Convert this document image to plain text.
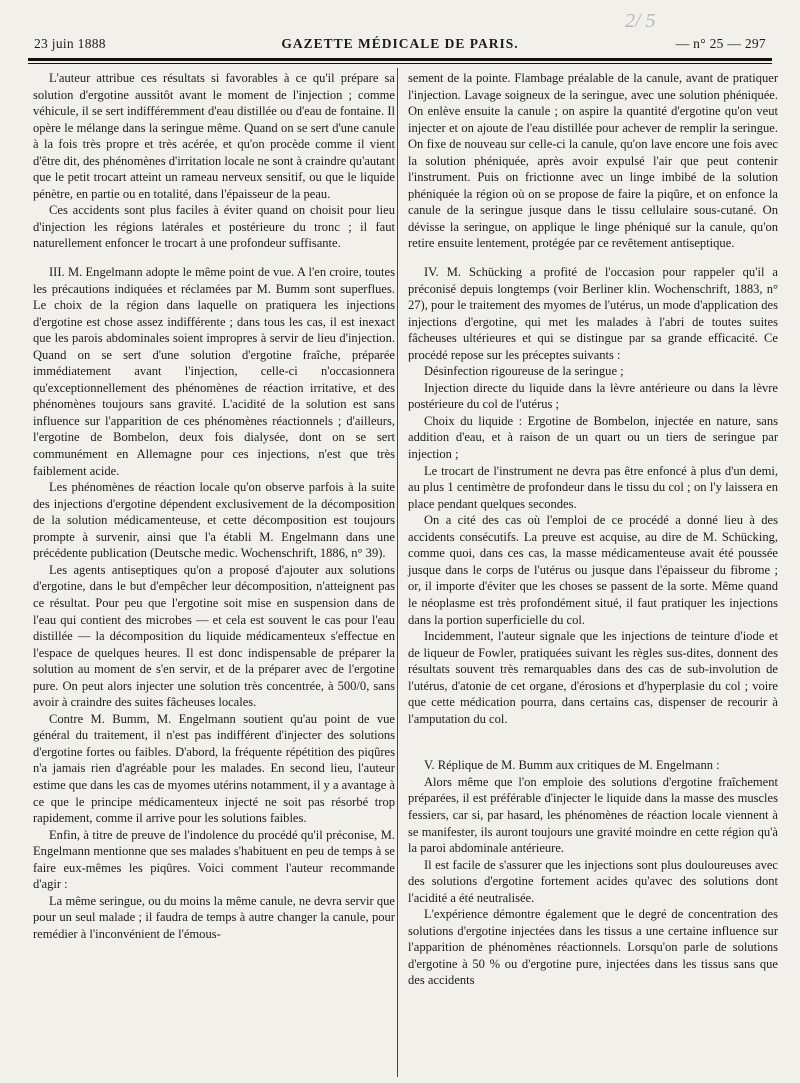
2/ 5
23 juin 1888	GAZETTE MÉDICALE DE PARIS.	— n° 25 — 297

L'auteur attribue ces résultats si favorables à ce qu'il prépare sa solution d'ergotine aussitôt avant le moment de l'injection ; comme véhicule, il se sert indifféremment d'eau distillée ou d'eau de fontaine. Il opère le mélange dans la seringue même. Quand on se sert d'une canule à la fois très propre et très acérée, et qu'on procède comme il vient d'être dit, des phénomènes d'irritation locale ne sont à craindre qu'autant que le petit trocart atteint un rameau nerveux sensitif, ou que le liquide pénètre, en partie ou en totalité, dans l'épaisseur de la peau.

Ces accidents sont plus faciles à éviter quand on choisit pour lieu d'injection les régions latérales et postérieure du tronc ; il faut naturellement enfoncer le trocart à une profondeur suffisante.

III. M. Engelmann adopte le même point de vue. A l'en croire, toutes les précautions indiquées et réclamées par M. Bumm sont superflues. Le choix de la région dans laquelle on pratiquera les injections d'ergotine est chose assez indifférente ; dans tous les cas, il est inexact que les parois abdominales soient impropres à servir de lieu d'injection. Quand on se sert d'une solution d'ergotine fraîche, préparée immédiatement avant l'injection, celle-ci n'occasionnera qu'exceptionnellement des phénomènes de réaction irritative, et des phénomènes toujours sans gravité. L'acidité de la solution est sans influence sur l'apparition de ces phénomènes réactionnels ; d'ailleurs, l'ergotine de Bombelon, deux fois dialysée, dont on se sert communément en Allemagne pour ces injections, n'est que très faiblement acide.

Les phénomènes de réaction locale qu'on observe parfois à la suite des injections d'ergotine dépendent exclusivement de la décomposition de la solution médicamenteuse, et cette décomposition est toujours prompte à survenir, ainsi que l'a établi M. Engelmann dans une précédente publication (Deutsche medic. Wochenschrift, 1886, n° 39).

Les agents antiseptiques qu'on a proposé d'ajouter aux solutions d'ergotine, dans le but d'empêcher leur décomposition, n'atteignent pas ce résultat. Pour peu que l'ergotine soit mise en suspension dans de l'eau qui contient des microbes — et cela est souvent le cas pour l'eau distillée — la décomposition du liquide médicamenteux s'effectue en l'espace de quelques heures. Il est donc indispensable de préparer la solution au moment de s'en servir, et de la préparer avec de l'ergotine pure. On peut alors injecter une solution très concentrée, à 500/0, sans avoir à craindre des suites fâcheuses locales.

Contre M. Bumm, M. Engelmann soutient qu'au point de vue général du traitement, il n'est pas indifférent d'injecter des solutions d'ergotine fortes ou faibles. D'abord, la fréquente répétition des piqûres n'a jamais rien d'agréable pour les malades. En second lieu, l'auteur estime que dans les cas de myomes utérins notamment, il y a avantage à ce que le principe médicamenteux injecté ne soit pas résorbé trop rapidement, comme il arrive pour les solutions faibles.

Enfin, à titre de preuve de l'indolence du procédé qu'il préconise, M. Engelmann mentionne que ses malades s'habituent en peu de temps à se faire eux-mêmes les piqûres. Voici comment l'auteur recommande d'agir :

La même seringue, ou du moins la même canule, ne devra servir que pour un seul malade ; il faudra de temps à autre changer la canule, pour remédier à l'inconvénient de l'émous-

sement de la pointe. Flambage préalable de la canule, avant de pratiquer l'injection. Lavage soigneux de la seringue, avec une solution phéniquée. On enlève ensuite la canule ; on aspire la quantité d'ergotine qu'on veut injecter et on ajoute de l'eau distillée pour achever de remplir la seringue. On fixe de nouveau sur celle-ci la canule, qu'on lave encore une fois avec la solution phéniquée, après avoir expulsé l'air que peut contenir l'instrument. Puis on frictionne avec un linge imbibé de la solution phéniquée la région où on se propose de faire la piqûre, et on enfonce la canule de la seringue jusque dans le tissu cellulaire sous-cutané. On dévisse la seringue, on applique le linge phéniqué sur la canule, qu'on retire ensuite lentement, protégée par ce revêtement antiseptique.

IV. M. Schücking a profité de l'occasion pour rappeler qu'il a préconisé depuis longtemps (voir Berliner klin. Wochenschrift, 1883, n° 27), pour le traitement des myomes de l'utérus, un mode d'application des injections d'ergotine, qui met les malades à l'abri de toutes suites fâcheuses ultérieures et qui se distingue par sa grande efficacité. Ce procédé repose sur les préceptes suivants :

Désinfection rigoureuse de la seringue ;

Injection directe du liquide dans la lèvre antérieure ou dans la lèvre postérieure du col de l'utérus ;

Choix du liquide : Ergotine de Bombelon, injectée en nature, sans addition d'eau, et à raison de un quart ou un tiers de seringue par injection ;

Le trocart de l'instrument ne devra pas être enfoncé à plus d'un demi, au plus 1 centimètre de profondeur dans le tissu du col ; on l'y laissera en place pendant quelques secondes.

On a cité des cas où l'emploi de ce procédé a donné lieu à des accidents consécutifs. La preuve est acquise, au dire de M. Schücking, comme quoi, dans ces cas, la masse médicamenteuse avait été poussée jusque dans le corps de l'utérus ou jusque dans l'épaisseur du fibrome ; or, il importe d'éviter que les choses se passent de la sorte. Même quand le néoplasme est très profondément situé, il faut pratiquer les injections dans la portion superficielle du col.

Incidemment, l'auteur signale que les injections de teinture d'iode et de liqueur de Fowler, pratiquées suivant les règles sus-dites, donnent des résultats souvent très remarquables dans des cas de sub-involution de l'utérus, d'atonie de cet organe, d'érosions et d'hyperplasie du col ; voire que cette médication pourra, dans certains cas, dispenser de recourir à l'amputation du col.

V. Réplique de M. Bumm aux critiques de M. Engelmann :

Alors même que l'on emploie des solutions d'ergotine fraîchement préparées, il est préférable d'injecter le liquide dans la masse des muscles fessiers, car si, par hasard, les phénomènes de réaction locale viennent à se manifester, ils auront toujours une gravité moindre en cette région qu'à la paroi abdominale antérieure.

Il est facile de s'assurer que les injections sont plus douloureuses avec des solutions d'ergotine fortement acides qu'avec des solutions dont l'acidité a été neutralisée.

L'expérience démontre également que le degré de concentration des solutions d'ergotine injectées dans les tissus a une certaine influence sur l'apparition de phénomènes réactionnels. Lorsqu'on parle de solutions d'ergotine à 50 % ou d'ergotine pure, injectées dans les tissus sans que des accidents
